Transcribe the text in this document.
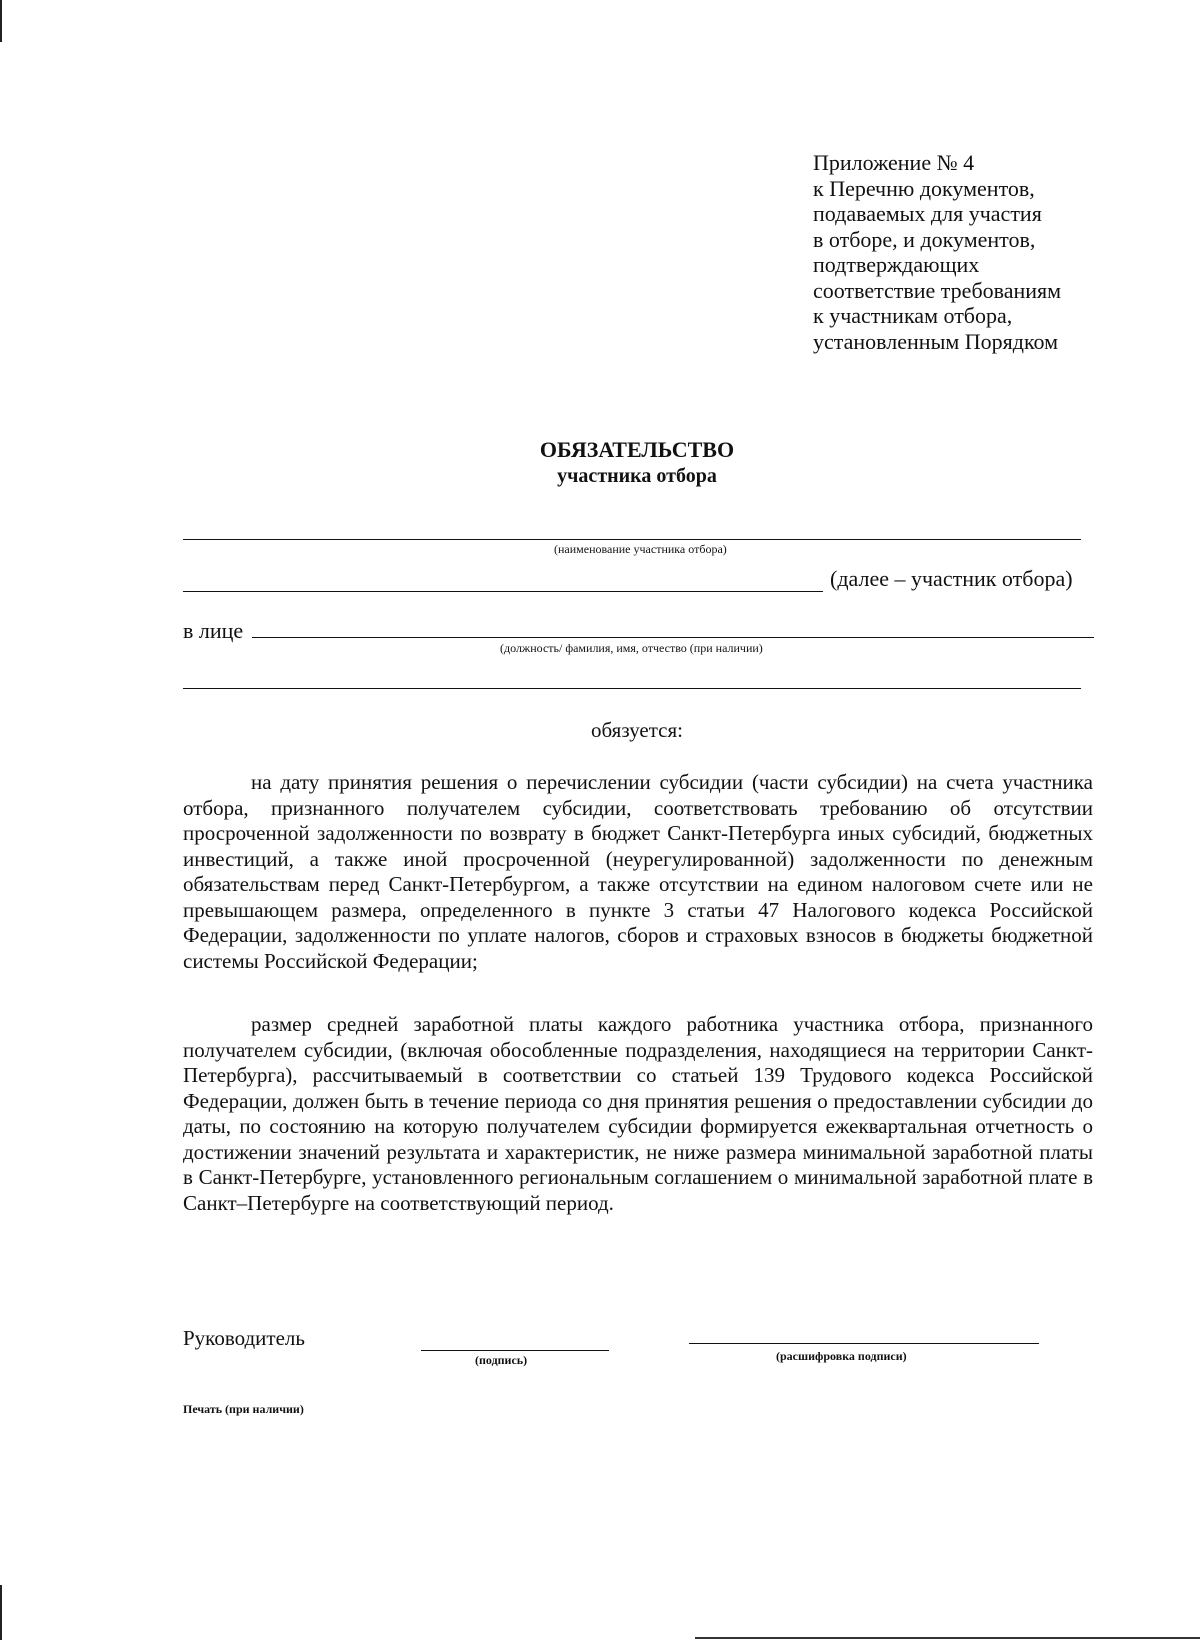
Приложение № 4
к Перечню документов,
подаваемых для участия
в отборе, и документов,
подтверждающих
соответствие требованиям
к участникам отбора,
установленным Порядком
ОБЯЗАТЕЛЬСТВО
участника отбора
(наименование участника отбора)
(далее – участник отбора)
в лице
(должность/ фамилия, имя, отчество (при наличии)
обязуется:

на дату принятия решения о перечислении субсидии (части субсидии) на счета участника отбора, признанного получателем субсидии, соответствовать требованию об отсутствии просроченной задолженности по возврату в бюджет Санкт-Петербурга иных субсидий, бюджетных инвестиций, а также иной просроченной (неурегулированной) задолженности по денежным обязательствам перед Санкт-Петербургом, а также отсутствии на едином налоговом счете или не превышающем размера, определенного в пункте 3 статьи 47 Налогового кодекса Российской Федерации, задолженности по уплате налогов, сборов и страховых взносов в бюджеты бюджетной системы Российской Федерации;

размер средней заработной платы каждого работника участника отбора, признанного получателем субсидии, (включая обособленные подразделения, находящиеся на территории Санкт-Петербурга), рассчитываемый в соответствии со статьей 139 Трудового кодекса Российской Федерации, должен быть в течение периода со дня принятия решения о предоставлении субсидии до даты, по состоянию на которую получателем субсидии формируется ежеквартальная отчетность о достижении значений результата и характеристик, не ниже размера минимальной заработной платы в Санкт-Петербурге, установленного региональным соглашением о минимальной заработной плате в Санкт–Петербурге на соответствующий период.

Руководитель
(подпись)	(расшифровка подписи)
Печать (при наличии)
